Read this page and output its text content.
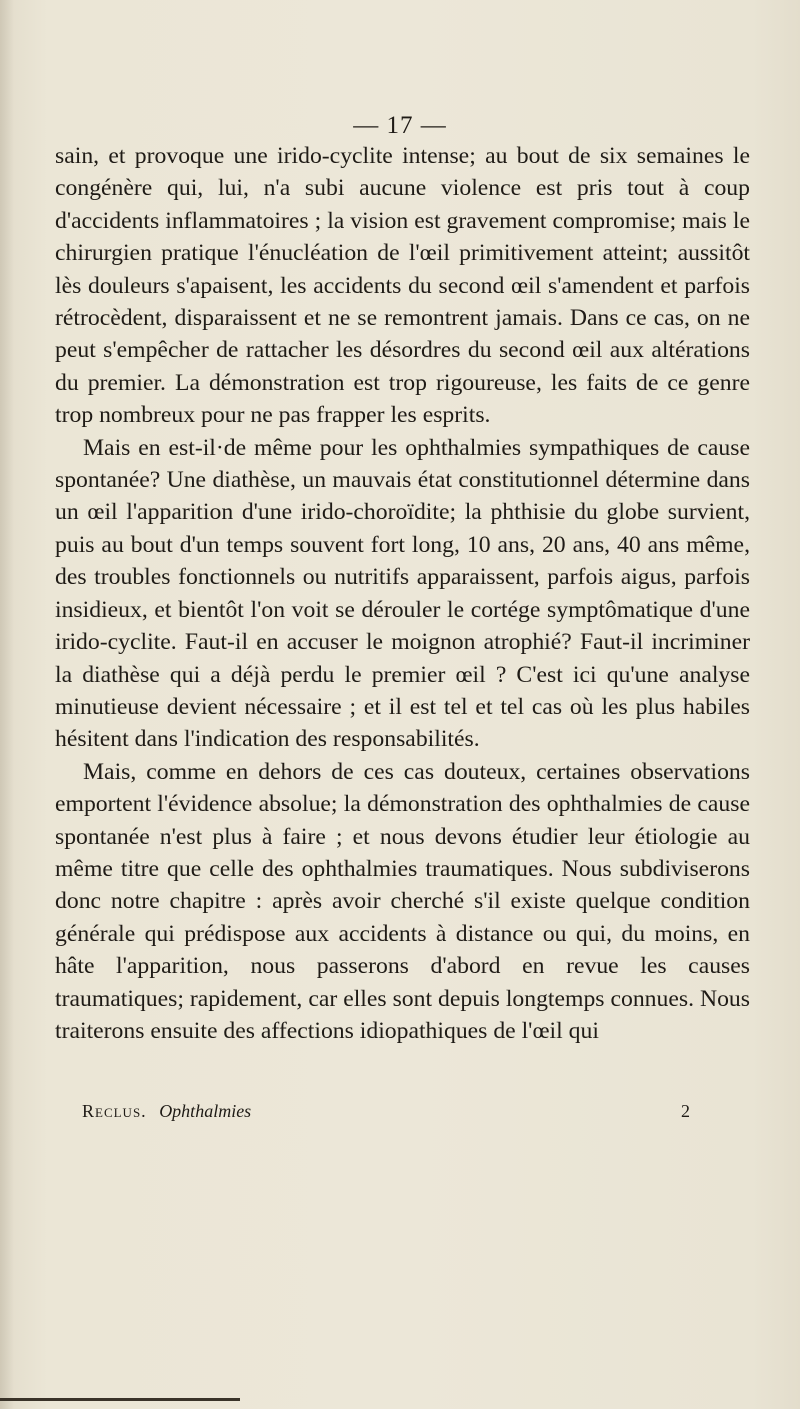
— 17 —

sain, et provoque une irido-cyclite intense; au bout de six semaines le congénère qui, lui, n'a subi aucune violence est pris tout à coup d'accidents inflammatoires ; la vision est gravement compromise; mais le chirurgien pratique l'énucléation de l'œil primitivement atteint; aussitôt lès douleurs s'apaisent, les accidents du second œil s'amendent et parfois rétrocèdent, disparaissent et ne se remontrent jamais. Dans ce cas, on ne peut s'empêcher de rattacher les désordres du second œil aux altérations du premier. La démonstration est trop rigoureuse, les faits de ce genre trop nombreux pour ne pas frapper les esprits.

Mais en est-il·de même pour les ophthalmies sympathiques de cause spontanée? Une diathèse, un mauvais état constitutionnel détermine dans un œil l'apparition d'une irido-choroïdite; la phthisie du globe survient, puis au bout d'un temps souvent fort long, 10 ans, 20 ans, 40 ans même, des troubles fonctionnels ou nutritifs apparaissent, parfois aigus, parfois insidieux, et bientôt l'on voit se dérouler le cortége symptômatique d'une irido-cyclite. Faut-il en accuser le moignon atrophié? Faut-il incriminer la diathèse qui a déjà perdu le premier œil ? C'est ici qu'une analyse minutieuse devient nécessaire ; et il est tel et tel cas où les plus habiles hésitent dans l'indication des responsabilités.

Mais, comme en dehors de ces cas douteux, certaines observations emportent l'évidence absolue; la démonstration des ophthalmies de cause spontanée n'est plus à faire ; et nous devons étudier leur étiologie au même titre que celle des ophthalmies traumatiques. Nous subdiviserons donc notre chapitre : après avoir cherché s'il existe quelque condition générale qui prédispose aux accidents à distance ou qui, du moins, en hâte l'apparition, nous passerons d'abord en revue les causes traumatiques; rapidement, car elles sont depuis longtemps connues. Nous traiterons ensuite des affections idiopathiques de l'œil qui

Reclus. Ophthalmies	2
